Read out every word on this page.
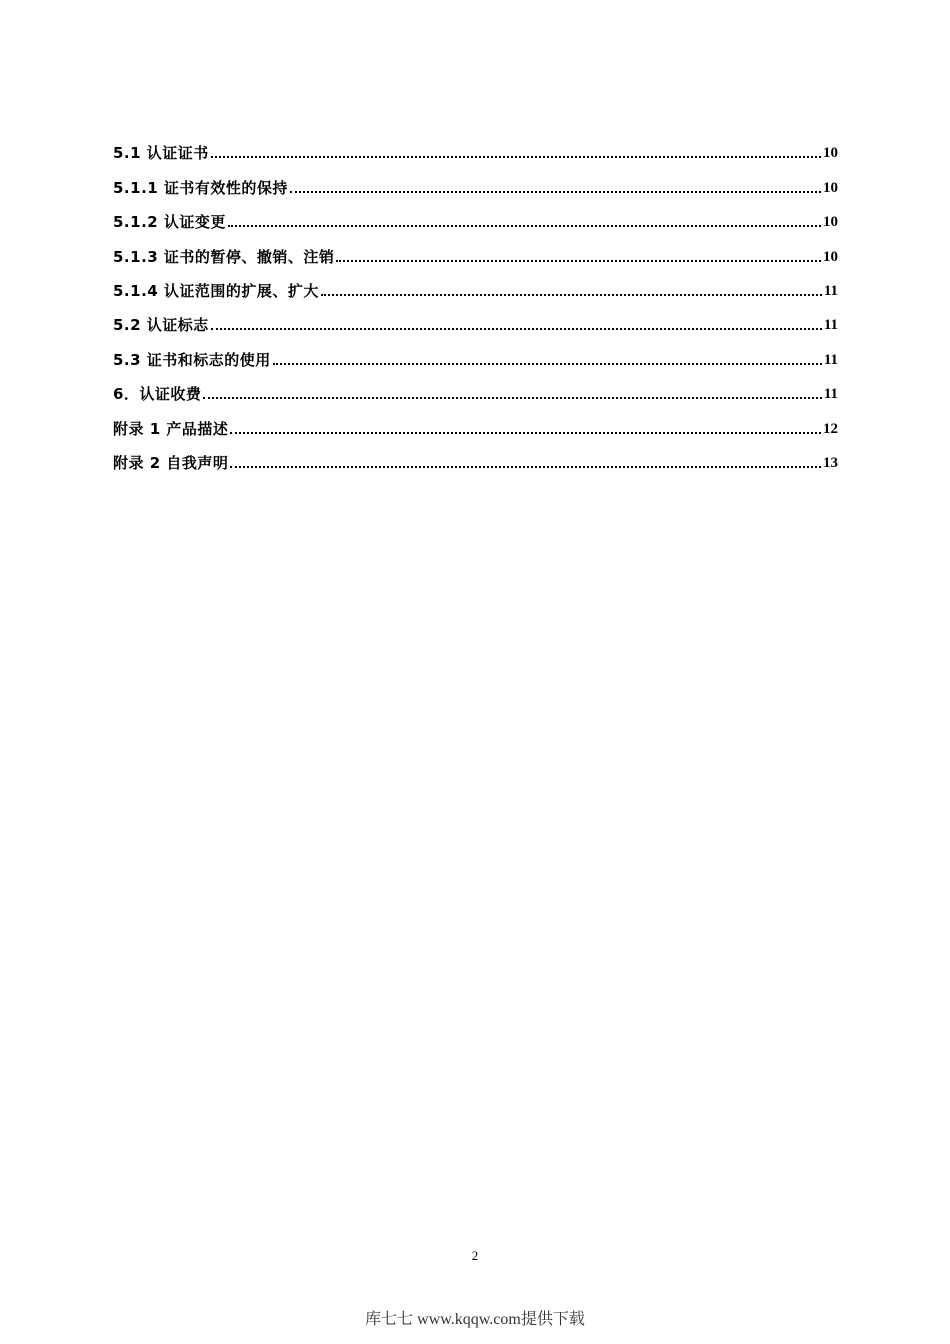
5.1 认证证书	10
5.1.1 证书有效性的保持	10
5.1.2 认证变更	10
5.1.3 证书的暂停、撤销、注销	10
5.1.4 认证范围的扩展、扩大	11
5.2 认证标志	11
5.3 证书和标志的使用	11
6．认证收费	11
附录 1 产品描述	12
附录 2 自我声明	13
2
库七七 www.kqqw.com提供下载
